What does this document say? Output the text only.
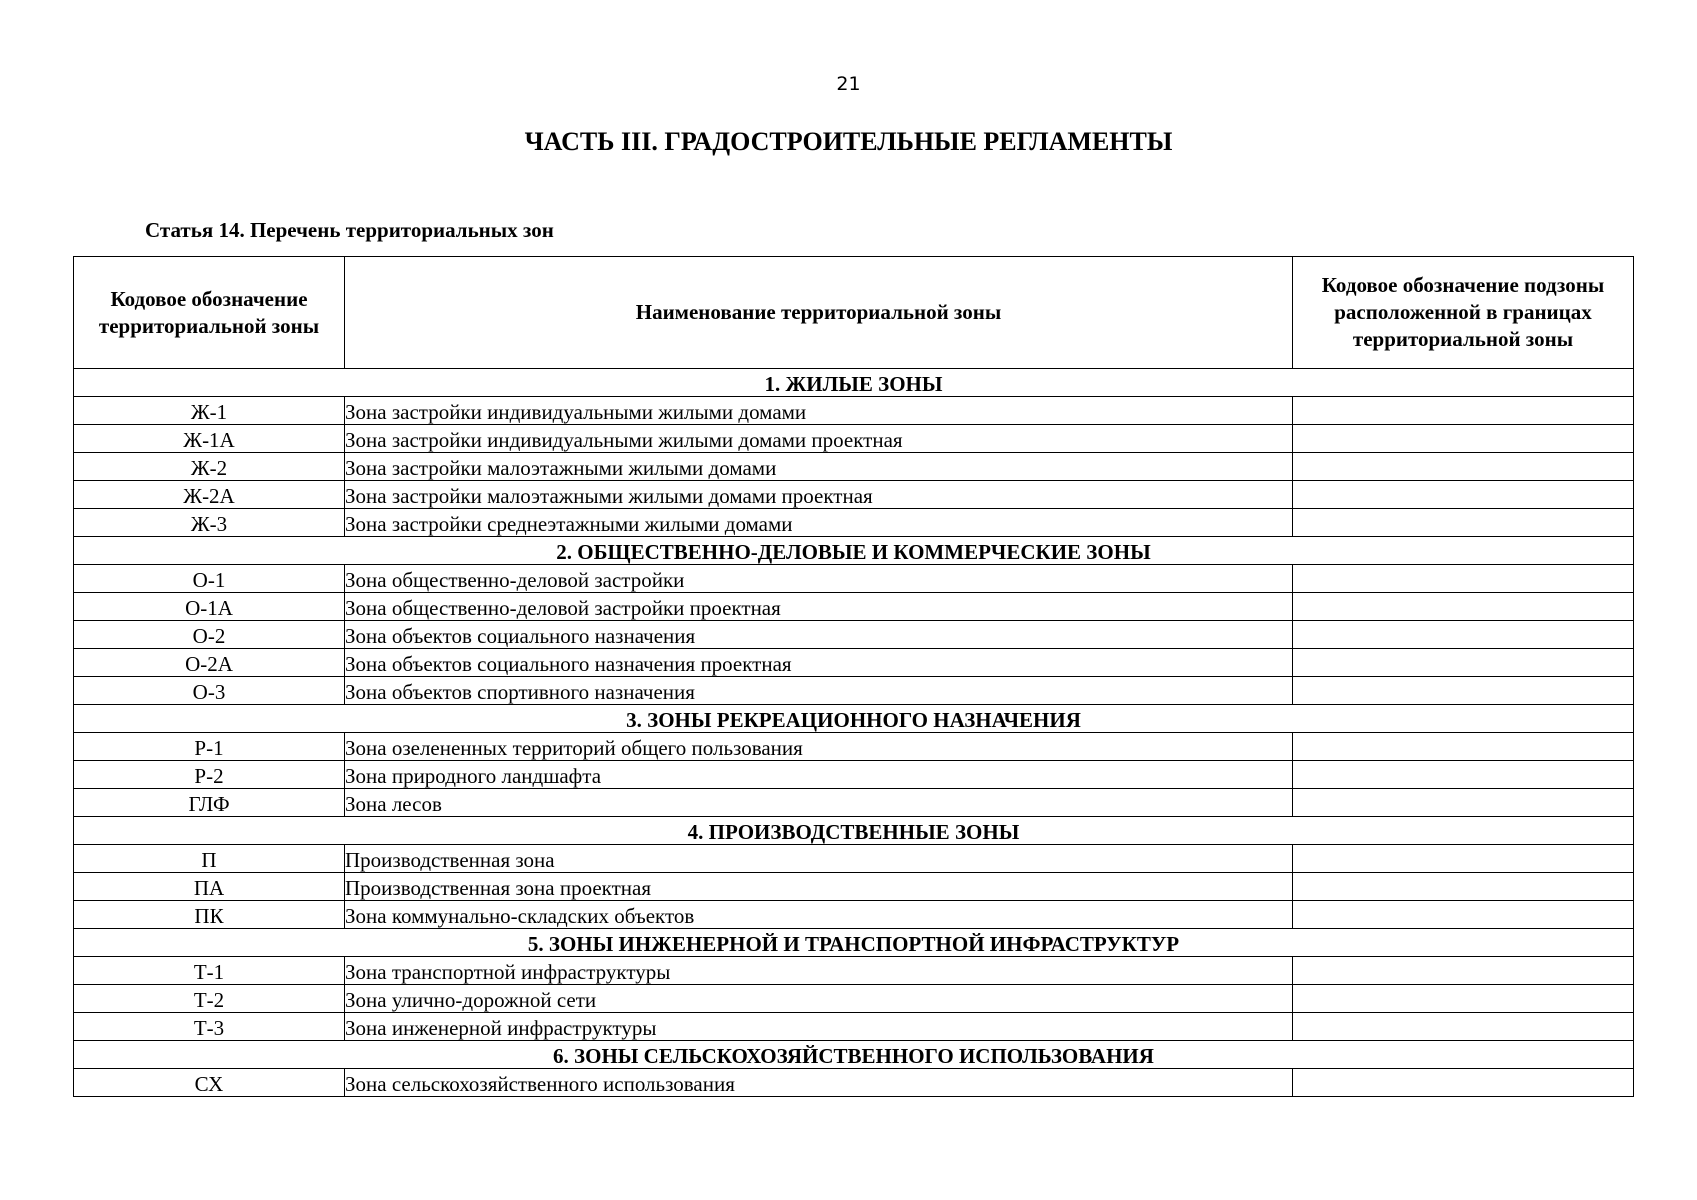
21
ЧАСТЬ III. ГРАДОСТРОИТЕЛЬНЫЕ РЕГЛАМЕНТЫ
Статья 14. Перечень территориальных зон
Кодовое обозначение территориальной зоны	Наименование территориальной зоны	Кодовое обозначение подзоны расположенной в границах территориальной зоны
1. ЖИЛЫЕ ЗОНЫ		
Ж-1	Зона застройки индивидуальными жилыми домами	
Ж-1А	Зона застройки индивидуальными жилыми домами проектная	
Ж-2	Зона застройки малоэтажными жилыми домами	
Ж-2А	Зона застройки малоэтажными жилыми домами проектная	
Ж-3	Зона застройки среднеэтажными жилыми домами	
2. ОБЩЕСТВЕННО-ДЕЛОВЫЕ И КОММЕРЧЕСКИЕ ЗОНЫ		
О-1	Зона общественно-деловой застройки	
О-1А	Зона общественно-деловой застройки проектная	
О-2	Зона объектов социального назначения	
О-2А	Зона объектов социального назначения проектная	
О-3	Зона объектов спортивного назначения	
3. ЗОНЫ РЕКРЕАЦИОННОГО НАЗНАЧЕНИЯ		
Р-1	Зона озелененных территорий общего пользования	
Р-2	Зона природного ландшафта	
ГЛФ	Зона лесов	
4. ПРОИЗВОДСТВЕННЫЕ ЗОНЫ		
П	Производственная зона	
ПА	Производственная зона проектная	
ПК	Зона коммунально-складских объектов	
5. ЗОНЫ ИНЖЕНЕРНОЙ И ТРАНСПОРТНОЙ ИНФРАСТРУКТУР		
Т-1	Зона транспортной инфраструктуры	
Т-2	Зона улично-дорожной сети	
Т-3	Зона инженерной инфраструктуры	
6. ЗОНЫ СЕЛЬСКОХОЗЯЙСТВЕННОГО ИСПОЛЬЗОВАНИЯ		
СХ	Зона сельскохозяйственного использования	
